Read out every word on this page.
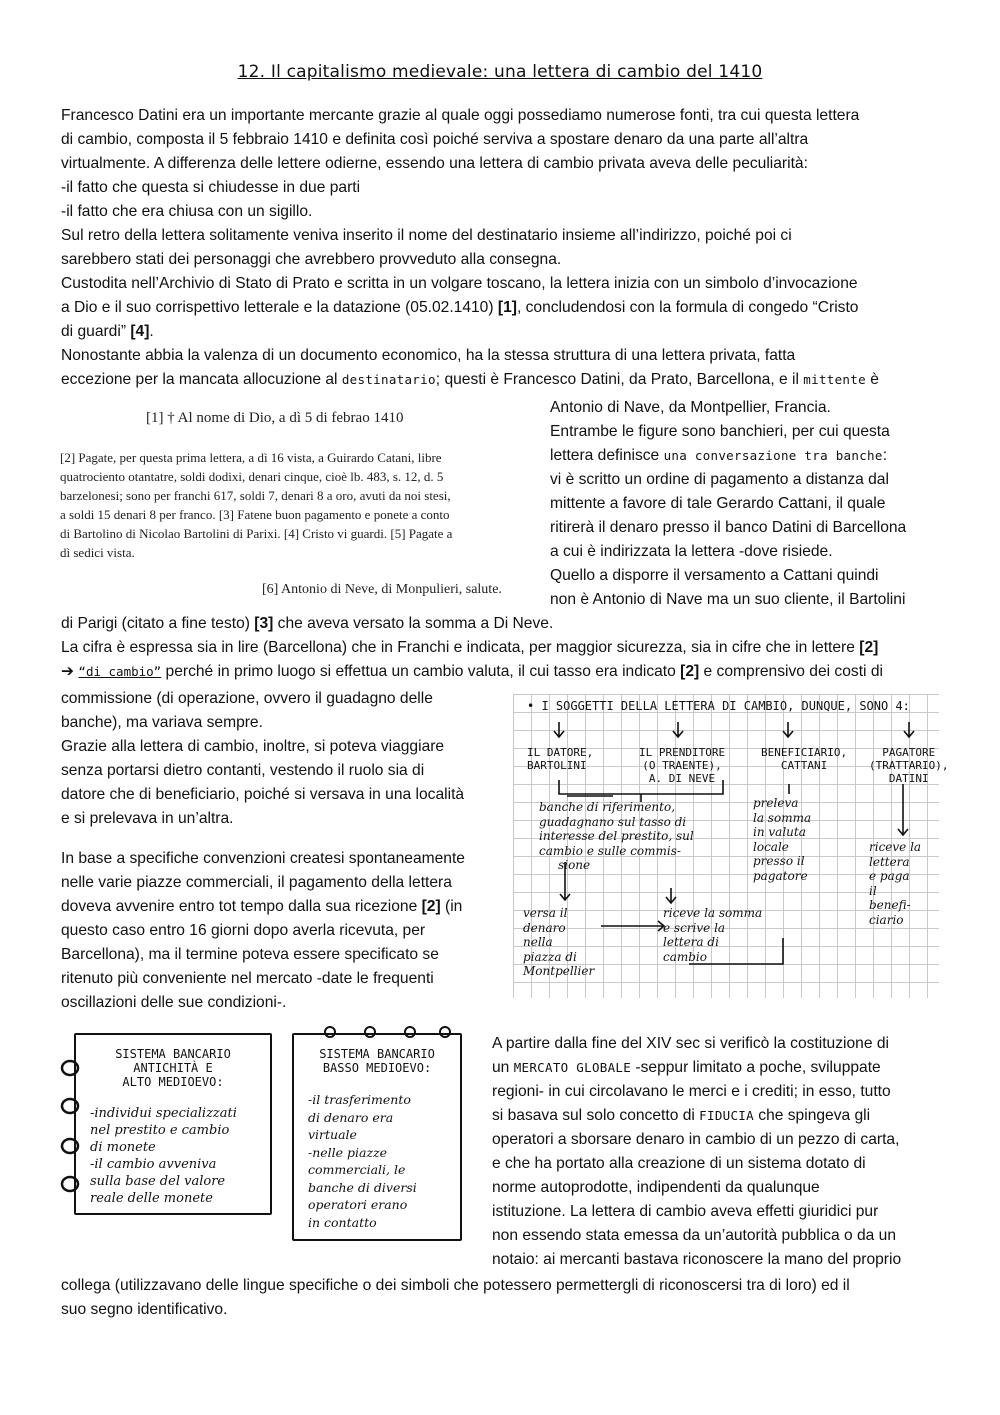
12. Il capitalismo medievale: una lettera di cambio del 1410
Francesco Datini era un importante mercante grazie al quale oggi possediamo numerose fonti, tra cui questa lettera
di cambio, composta il 5 febbraio 1410 e definita così poiché serviva a spostare denaro da una parte all’altra
virtualmente. A differenza delle lettere odierne, essendo una lettera di cambio privata aveva delle peculiarità:
-il fatto che questa si chiudesse in due parti
-il fatto che era chiusa con un sigillo.
Sul retro della lettera solitamente veniva inserito il nome del destinatario insieme all’indirizzo, poiché poi ci
sarebbero stati dei personaggi che avrebbero provveduto alla consegna.
Custodita nell’Archivio di Stato di Prato e scritta in un volgare toscano, la lettera inizia con un simbolo d’invocazione
a Dio e il suo corrispettivo letterale e la datazione (05.02.1410) [1], concludendosi con la formula di congedo “Cristo
di guardi” [4].
Nonostante abbia la valenza di un documento economico, ha la stessa struttura di una lettera privata, fatta
eccezione per la mancata allocuzione al destinatario; questi è Francesco Datini, da Prato, Barcellona, e il mittente è
[1] † Al nome di Dio, a dì 5 di febrao 1410
[2] Pagate, per questa prima lettera, a dì 16 vista, a Guirardo Catani, libre
quatrociento otantatre, soldi dodixi, denari cinque, cioè lb. 483, s. 12, d. 5
barzelonesi; sono per franchi 617, soldi 7, denari 8 a oro, avuti da noi stesi,
a soldi 15 denari 8 per franco. [3] Fatene buon pagamento e ponete a conto
di Bartolino di Nicolao Bartolini di Parixi. [4] Cristo vi guardi. [5] Pagate a
dì sedici vista.
[6] Antonio di Neve, di Monpulieri, salute.
Antonio di Nave, da Montpellier, Francia.
Entrambe le figure sono banchieri, per cui questa
lettera definisce una conversazione tra banche:
vi è scritto un ordine di pagamento a distanza dal
mittente a favore di tale Gerardo Cattani, il quale
ritirerà il denaro presso il banco Datini di Barcellona
a cui è indirizzata la lettera -dove risiede.
Quello a disporre il versamento a Cattani quindi
non è Antonio di Nave ma un suo cliente, il Bartolini
di Parigi (citato a fine testo) [3] che aveva versato la somma a Di Neve.
La cifra è espressa sia in lire (Barcellona) che in Franchi e indicata, per maggior sicurezza, sia in cifre che in lettere [2]
➔ “di cambio” perché in primo luogo si effettua un cambio valuta, il cui tasso era indicato [2] e comprensivo dei costi di
commissione (di operazione, ovvero il guadagno delle
banche), ma variava sempre.
Grazie alla lettera di cambio, inoltre, si poteva viaggiare
senza portarsi dietro contanti, vestendo il ruolo sia di
datore che di beneficiario, poiché si versava in una località
e si prelevava in un’altra.
In base a specifiche convenzioni createsi spontaneamente
nelle varie piazze commerciali, il pagamento della lettera
doveva avvenire entro tot tempo dalla sua ricezione [2] (in
questo caso entro 16 giorni dopo averla ricevuta, per
Barcellona), ma il termine poteva essere specificato se
ritenuto più conveniente nel mercato -date le frequenti
oscillazioni delle sue condizioni-.
• I SOGGETTI DELLA LETTERA DI CAMBIO, DUNQUE, SONO 4:
IL DATORE,
BARTOLINI
IL PRENDITORE
(O TRAENTE),
A. DI NEVE
BENEFICIARIO,
CATTANI
PAGATORE
(TRATTARIO),
DATINI
banche di riferimento,
guadagnano sul tasso di
interesse del prestito, sul
cambio e sulle commis-
sione
preleva
la somma
in valuta
locale
presso il
pagatore
riceve la
lettera
e paga
il
benefi-
ciario
versa il
denaro
nella
piazza di
Montpellier
riceve la somma
e scrive la
lettera di
cambio
SISTEMA BANCARIO
ANTICHITÀ E
ALTO MEDIOEVO:
-individui specializzati
nel prestito e cambio
di monete
-il cambio avveniva
sulla base del valore
reale delle monete
SISTEMA BANCARIO
BASSO MEDIOEVO:
-il trasferimento
di denaro era
virtuale
-nelle piazze
commerciali, le
banche di diversi
operatori erano
in contatto
A partire dalla fine del XIV sec si verificò la costituzione di
un MERCATO GLOBALE -seppur limitato a poche, sviluppate
regioni- in cui circolavano le merci e i crediti; in esso, tutto
si basava sul solo concetto di FIDUCIA che spingeva gli
operatori a sborsare denaro in cambio di un pezzo di carta,
e che ha portato alla creazione di un sistema dotato di
norme autoprodotte, indipendenti da qualunque
istituzione. La lettera di cambio aveva effetti giuridici pur
non essendo stata emessa da un’autorità pubblica o da un
notaio: ai mercanti bastava riconoscere la mano del proprio
collega (utilizzavano delle lingue specifiche o dei simboli che potessero permettergli di riconoscersi tra di loro) ed il
suo segno identificativo.
